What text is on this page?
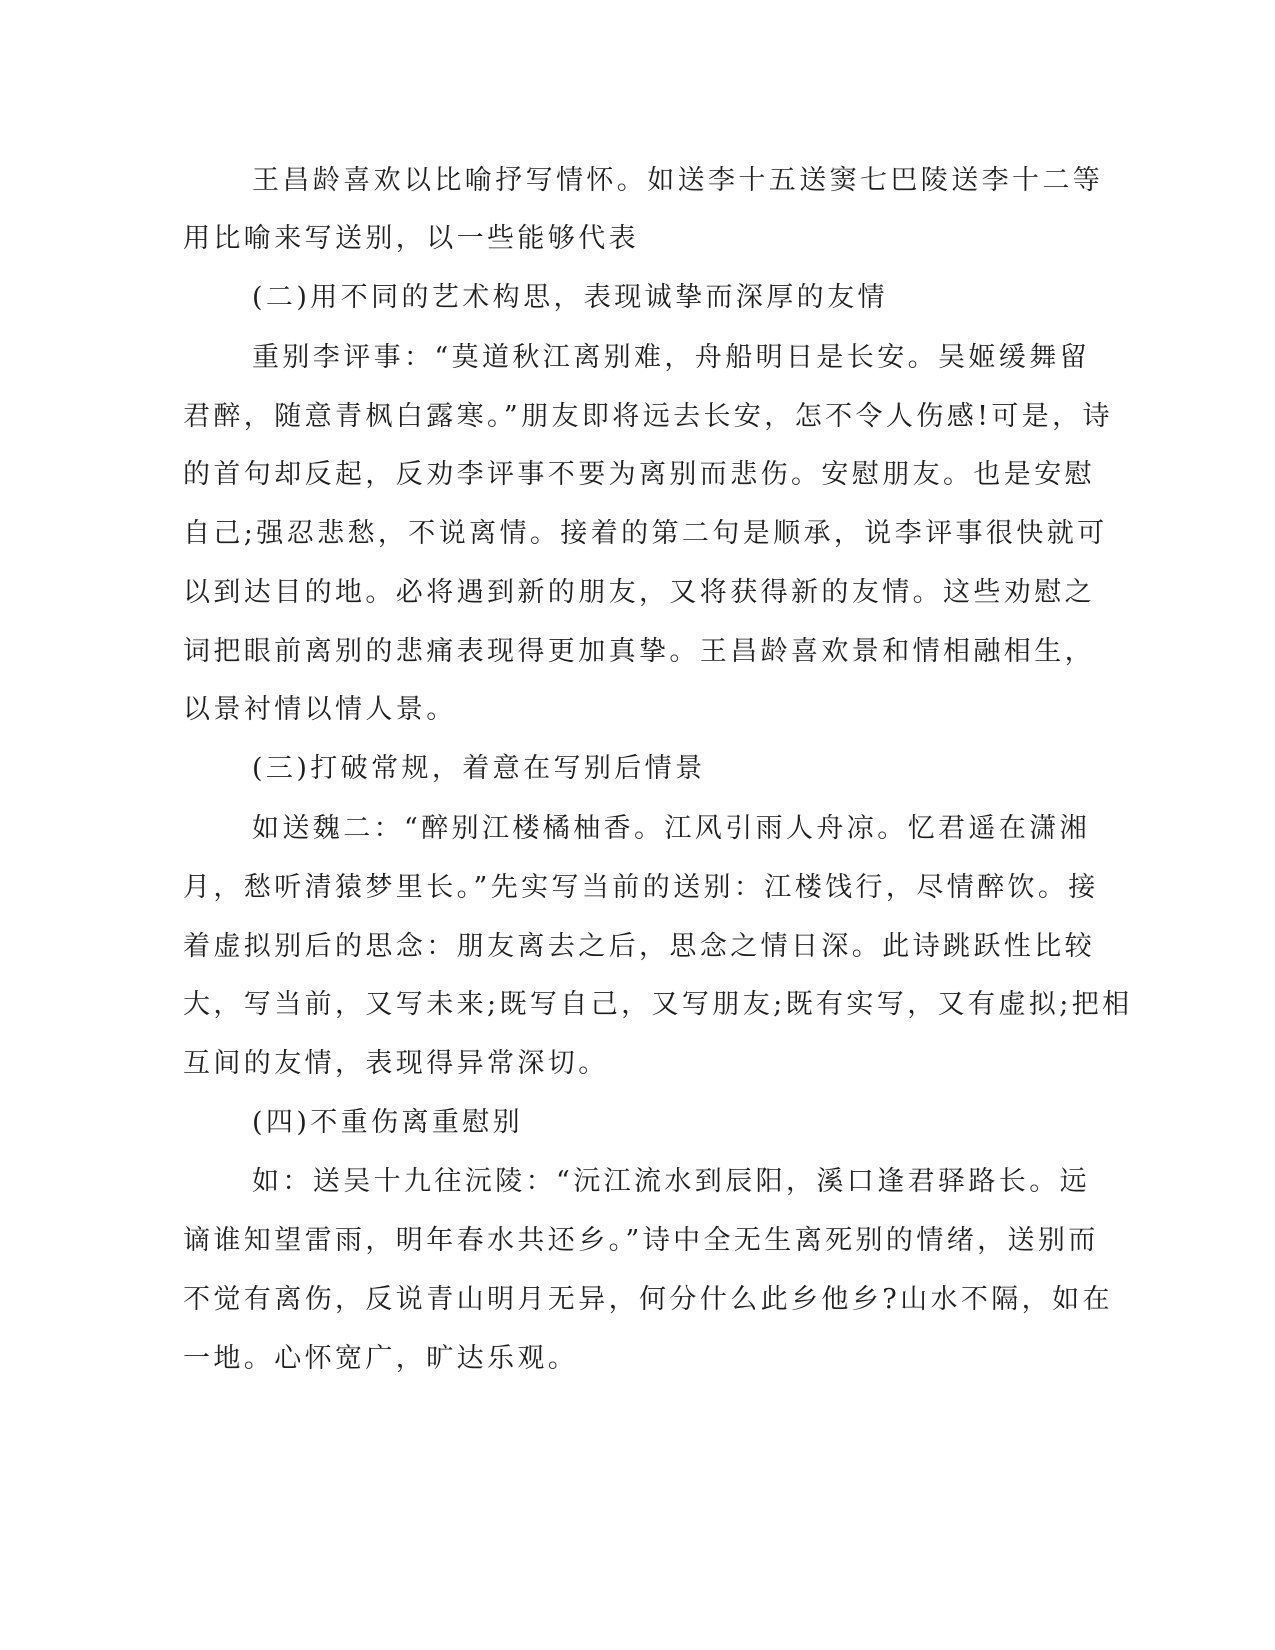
王昌龄喜欢以比喻抒写情怀。如送李十五送窦七巴陵送李十二等
用比喻来写送别，以一些能够代表
(二)用不同的艺术构思，表现诚挚而深厚的友情
重别李评事：“莫道秋江离别难，舟船明日是长安。吴姬缓舞留
君醉，随意青枫白露寒。”朋友即将远去长安，怎不令人伤感!可是，诗
的首句却反起，反劝李评事不要为离别而悲伤。安慰朋友。也是安慰
自己;强忍悲愁，不说离情。接着的第二句是顺承，说李评事很快就可
以到达目的地。必将遇到新的朋友，又将获得新的友情。这些劝慰之
词把眼前离别的悲痛表现得更加真挚。王昌龄喜欢景和情相融相生，
以景衬情以情人景。
(三)打破常规，着意在写别后情景
如送魏二：“醉别江楼橘柚香。江风引雨人舟凉。忆君遥在潇湘
月，愁听清猿梦里长。”先实写当前的送别：江楼饯行，尽情醉饮。接
着虚拟别后的思念：朋友离去之后，思念之情日深。此诗跳跃性比较
大，写当前，又写未来;既写自己，又写朋友;既有实写，又有虚拟;把相
互间的友情，表现得异常深切。
(四)不重伤离重慰别
如：送吴十九往沅陵：“沅江流水到辰阳，溪口逢君驿路长。远
谪谁知望雷雨，明年春水共还乡。”诗中全无生离死别的情绪，送别而
不觉有离伤，反说青山明月无异，何分什么此乡他乡?山水不隔，如在
一地。心怀宽广，旷达乐观。
